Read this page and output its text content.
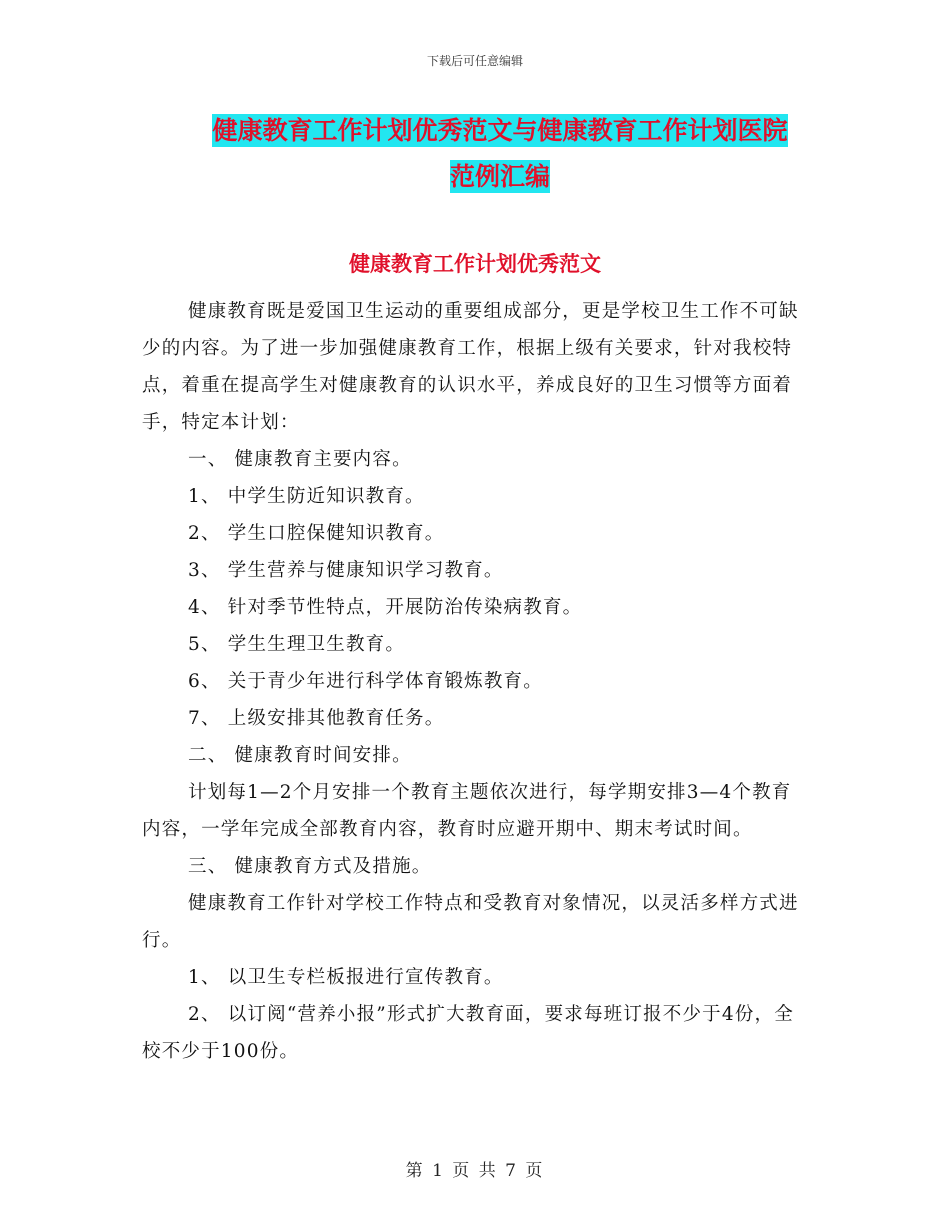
下载后可任意编辑
健康教育工作计划优秀范文与健康教育工作计划医院
范例汇编
健康教育工作计划优秀范文

健康教育既是爱国卫生运动的重要组成部分，更是学校卫生工作不可缺少的内容。为了进一步加强健康教育工作，根据上级有关要求，针对我校特点，着重在提高学生对健康教育的认识水平，养成良好的卫生习惯等方面着手，特定本计划：

一、 健康教育主要内容。

1、 中学生防近知识教育。

2、 学生口腔保健知识教育。

3、 学生营养与健康知识学习教育。

4、 针对季节性特点，开展防治传染病教育。

5、 学生生理卫生教育。

6、 关于青少年进行科学体育锻炼教育。

7、 上级安排其他教育任务。

二、 健康教育时间安排。

计划每1—2个月安排一个教育主题依次进行，每学期安排3—4个教育内容，一学年完成全部教育内容，教育时应避开期中、期末考试时间。

三、 健康教育方式及措施。

健康教育工作针对学校工作特点和受教育对象情况，以灵活多样方式进行。

1、 以卫生专栏板报进行宣传教育。

2、 以订阅“营养小报”形式扩大教育面，要求每班订报不少于4份，全校不少于100份。

第 1 页 共 7 页
